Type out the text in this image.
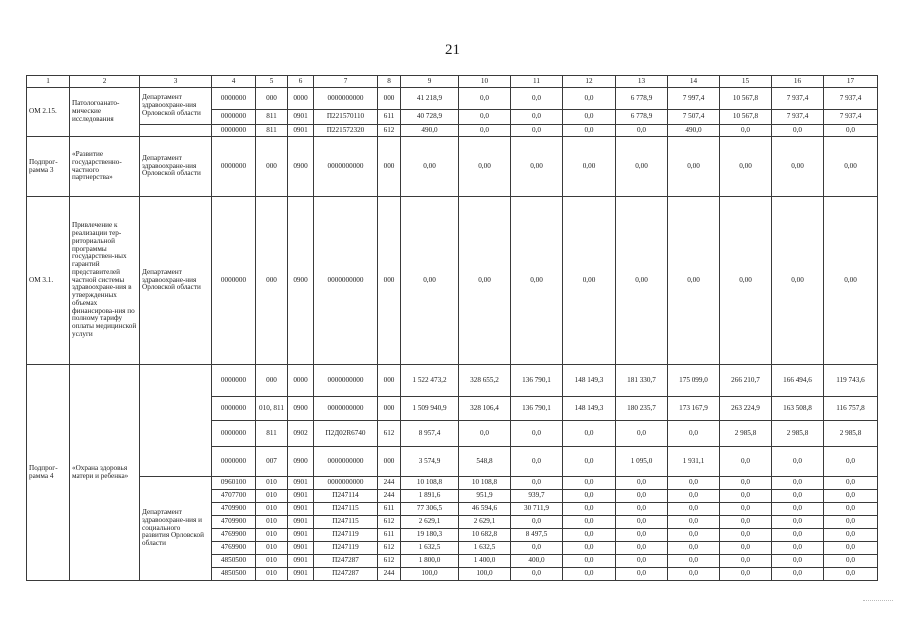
21
1	2	3	4	5	6	7	8	9	10	11	12	13	14	15	16	17
ОМ 2.15.	Патологоанато-мические исследования	Департамент здравоохране-ния Орловской области	0000000	000	0000	0000000000	000	41 218,9	0,0	0,0	0,0	6 778,9	7 997,4	10 567,8	7 937,4	7 937,4
			0000000	811	0901	П221570110	611	40 728,9	0,0	0,0	0,0	6 778,9	7 507,4	10 567,8	7 937,4	7 937,4
			0000000	811	0901	П221572320	612	490,0	0,0	0,0	0,0	0,0	490,0	0,0	0,0	0,0
Подпрог-рамма 3	«Развитие государственно-частного партнерства»	Департамент здравоохране-ния Орловской области	0000000	000	0900	0000000000	000	0,00	0,00	0,00	0,00	0,00	0,00	0,00	0,00	0,00
ОМ 3.1.	Привлечение к реализации тер-риториальной программы государствен-ных гарантий представителей частной системы здравоохране-ния в утвержденных объемах финансирова-ния по полному тарифу оплаты медицинской услуги	Департамент здравоохране-ния Орловской области	0000000	000	0900	0000000000	000	0,00	0,00	0,00	0,00	0,00	0,00	0,00	0,00	0,00
Подпрог-рамма 4	«Охрана здоровья матери и ребенка»		0000000	000	0000	0000000000	000	1 522 473,2	328 655,2	136 790,1	148 149,3	181 330,7	175 099,0	266 210,7	166 494,6	119 743,6
			0000000	010, 811	0900	0000000000	000	1 509 940,9	328 106,4	136 790,1	148 149,3	180 235,7	173 167,9	263 224,9	163 508,8	116 757,8
			0000000	811	0902	П2Д02R6740	612	8 957,4	0,0	0,0	0,0	0,0	0,0	2 985,8	2 985,8	2 985,8
			0000000	007	0900	0000000000	000	3 574,9	548,8	0,0	0,0	1 095,0	1 931,1	0,0	0,0	0,0
		Департамент здравоохране-ния и социального развития Орловской области	0960100	010	0901	0000000000	244	10 108,8	10 108,8	0,0	0,0	0,0	0,0	0,0	0,0	0,0
			4707700	010	0901	П247114	244	1 891,6	951,9	939,7	0,0	0,0	0,0	0,0	0,0	0,0
			4709900	010	0901	П247115	611	77 306,5	46 594,6	30 711,9	0,0	0,0	0,0	0,0	0,0	0,0
			4709900	010	0901	П247115	612	2 629,1	2 629,1	0,0	0,0	0,0	0,0	0,0	0,0	0,0
			4769900	010	0901	П247119	611	19 180,3	10 682,8	8 497,5	0,0	0,0	0,0	0,0	0,0	0,0
			4769900	010	0901	П247119	612	1 632,5	1 632,5	0,0	0,0	0,0	0,0	0,0	0,0	0,0
			4850500	010	0901	П247287	612	1 800,0	1 400,0	400,0	0,0	0,0	0,0	0,0	0,0	0,0
			4850500	010	0901	П247287	244	100,0	100,0	0,0	0,0	0,0	0,0	0,0	0,0	0,0
